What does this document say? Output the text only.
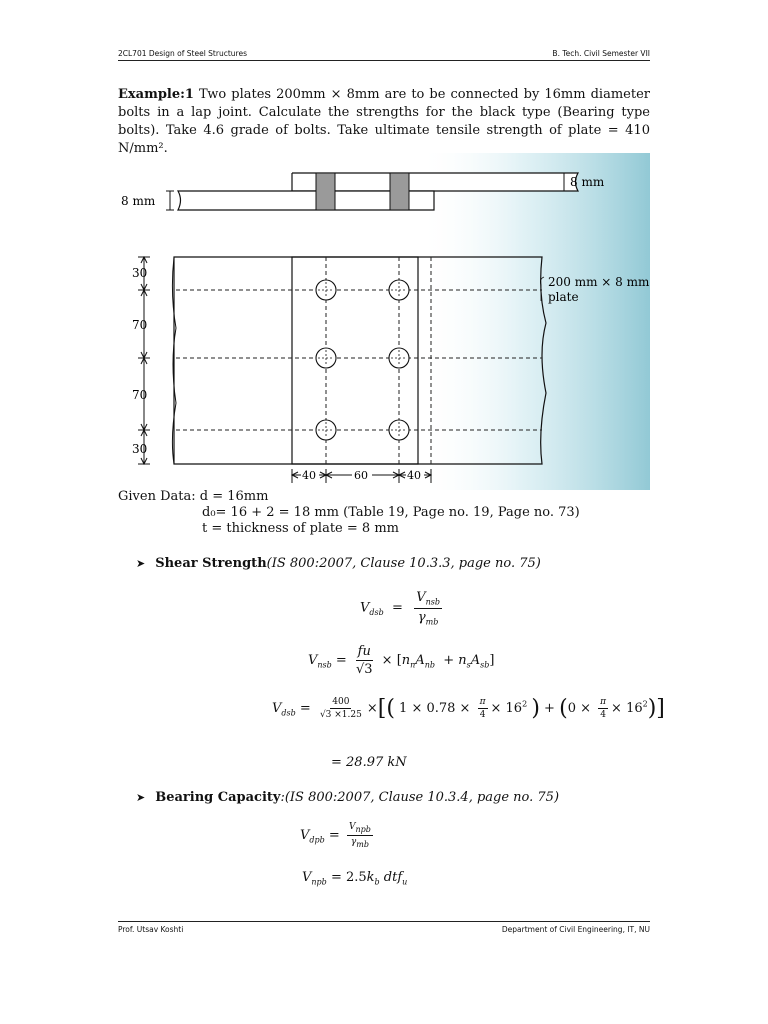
2CL701 Design of Steel Structures	B. Tech. Civil Semester VII
Example:1 Two plates 200mm × 8mm are to be connected by 16mm diameter bolts in a lap joint. Calculate the strengths for the black type (Bearing type bolts). Take 4.6 grade of bolts. Take ultimate tensile strength of plate = 410 N/mm².
8 mm
8 mm
30
70
70
30
40	60	40
200 mm × 8 mm
plate
Given Data: d = 16mm
d₀= 16 + 2 = 18 mm (Table 19, Page no. 19, Page no. 73)
t = thickness of plate = 8 mm
➤ Shear Strength (IS 800:2007, Clause 10.3.3, page no. 75)
$V_{dsb} = \frac{V_{nsb}}{\gamma_{mb}}$
$V_{nsb} = \frac{fu}{√3} \times [n_nA_{nb} + n_sA_{sb}]$
$V_{dsb} = \frac{400}{√3 \times 1.25}$ ×[( $1 \times 0.78 \times \frac{\pi}{4} \times 16^2$ ) + $(0 \times \frac{\pi}{4} \times 16^2)$]
= 28.97 kN
➤ Bearing Capacity :(IS 800:2007, Clause 10.3.4, page no. 75)
$V_{dpb} = \frac{V_{npb}}{\gamma_{mb}}$
$V_{npb} = 2.5k_b$ dtf$_u$
Prof. Utsav Koshti	Department of Civil Engineering, IT, NU
